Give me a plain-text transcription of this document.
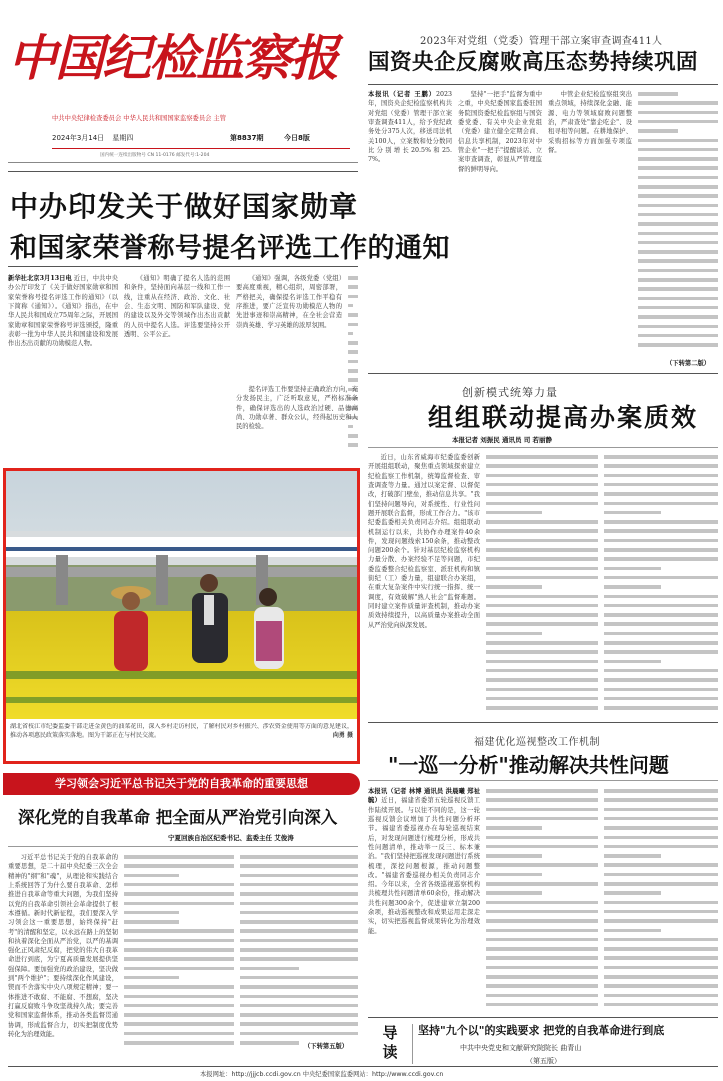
中国纪检监察报
中共中央纪律检查委员会 中华人民共和国国家监察委员会 主管
2024年3月14日 星期四	第8837期	今日8版
国内统一连续出版物号 CN 11-0176 邮发代号:1-204
2023年对党组（党委）管理干部立案审查调查411人
国资央企反腐败高压态势持续巩固

本报讯（记者 王鹏）2023年，国资央企纪检监察机构共对党组（党委）管理干部立案审查调查411人，给予党纪政务处分375人次，移送司法机关100人，立案数和处分数同比分别增长20.5%和25.7%。

坚持"一把手"监督为重中之重，中央纪委国家监委驻国务院国资委纪检监察组与国资委党委、有关中央企业党组（党委）建立健全定期会商、信息共享机制，2023年对中管企业"一把手"提醒谈话、立案审查调查，彰显从严管理监督的鲜明导向。

中管企业纪检监察组突出重点领域，持续深化金融、能源、电力等领域腐败问题整治，严肃查处"靠企吃企"、设租寻租等问题。在耕地保护、采购招标等方面加强专项监督。

（下转第二版）
中办印发关于做好国家勋章
和国家荣誉称号提名评选工作的通知

新华社北京3月13日电 近日，中共中央办公厅印发了《关于做好国家勋章和国家荣誉称号提名评选工作的通知》（以下简称《通知》）。《通知》指出，在中华人民共和国成立75周年之际，开展国家勋章和国家荣誉称号评选颁授，隆重表彰一批为中华人民共和国建设和发展作出杰出贡献的功勋模范人物。

《通知》明确了提名人选的范围和条件，坚持面向基层一线和工作一线，注重从在经济、政治、文化、社会、生态文明、国防和军队建设、党的建设以及外交等领域作出杰出贡献的人员中提名人选。评选要坚持公开透明、公平公正。

《通知》强调，各级党委（党组）要高度重视，精心组织，周密部署，严格把关，确保提名评选工作平稳有序推进，要广泛宣传功勋模范人物的先进事迹和崇高精神，在全社会营造崇尚英雄、学习英雄的浓厚氛围。

提名评选工作要坚持正确政治方向，充分发扬民主，广泛听取意见，严格标准条件，确保评选出的人选政治过硬、品德高尚、功勋卓著、群众公认，经得起历史和人民的检验。

湖北省枝江市纪委监委干部走进金黄色的油菜花田，深入乡村走访村民，了解村民对乡村振兴、涉农资金使用等方面的意见建议，推动各项惠民政策落实落地。图为干部正在与村民交流。	向勇 摄
学习领会习近平总书记关于党的自我革命的重要思想
深化党的自我革命 把全面从严治党引向深入
宁夏回族自治区纪委书记、监委主任 艾俊涛

习近平总书记关于党的自我革命的重要思想，是二十届中央纪委三次全会精神的"纲"和"魂"，从理论和实践结合上系统回答了为什么要自我革命、怎样推进自我革命等重大问题，为我们坚持以党的自我革命引领社会革命提供了根本遵循。新时代新征程，我们要深入学习领会这一重要思想，始终保持"赶考"的清醒和坚定，以永远在路上的坚韧和执着深化全面从严治党，以严的基调强化正风肃纪反腐，把党的伟大自我革命进行到底，为宁夏高质量发展提供坚强保障。要加强党的政治建设，坚决做到"两个维护"；要持续深化作风建设，锲而不舍落实中央八项规定精神；要一体推进不敢腐、不能腐、不想腐，坚决打赢反腐败斗争攻坚战持久战；要完善党和国家监督体系，推动各类监督贯通协调，形成监督合力，切实把制度优势转化为治理效能。

（下转第五版）
创新模式统筹力量
组组联动提高办案质效
本报记者 刘振民 通讯员 司 若丽静

近日，山东省威海市纪委监委创新开展组组联动，聚焦重点领域探索建立纪检监察工作机制，统筹监督检查、审查调查等力量。通过以案定督、以督促改，打破部门壁垒，推动信息共享。"我们坚持问题导向，对系统性、行业性问题开展联合监督，形成工作合力。"该市纪委监委相关负责同志介绍。组组联动机制运行以来，共协作办理案件40余件，发现问题线索150余条，推动整改问题200余个。针对基层纪检监察机构力量分散、办案经验不足等问题，市纪委监委整合纪检监察室、派驻机构和镇街纪（工）委力量，组建联合办案组，在重大复杂案件中实行统一指挥、统一调度，有效破解"熟人社会"监督难题。同时建立案件质量评查机制，推动办案质效持续提升，以高质量办案推动全面从严治党向纵深发展。

福建优化巡视整改工作机制
"一巡一分析"推动解决共性问题

本报讯（记者 林博 通讯员 洪晨曦 郑祉毓）近日，福建省委第五轮巡视反馈工作陆续开展。与以往不同的是，这一轮巡视反馈会议增加了共性问题分析环节。福建省委巡视办在每轮巡视结束后，对发现问题进行梳理分析，形成共性问题清单，推动举一反三、标本兼治。"我们坚持把巡视发现问题进行系统梳理，深挖问题根源，推动问题整改。"福建省委巡视办相关负责同志介绍。今年以来，全省各级巡视巡察机构共梳理共性问题清单60余份，推动解决共性问题300余个，促进建章立制200余项，推动巡视整改和成果运用走深走实，切实把巡视监督成果转化为治理效能。

导
读
坚持"九个以"的实践要求 把党的自我革命进行到底
中共中央党史和文献研究院院长 曲青山
（第五版）
本报网址：http://jjjcb.ccdi.gov.cn 中央纪委国家监委网站：http://www.ccdi.gov.cn
